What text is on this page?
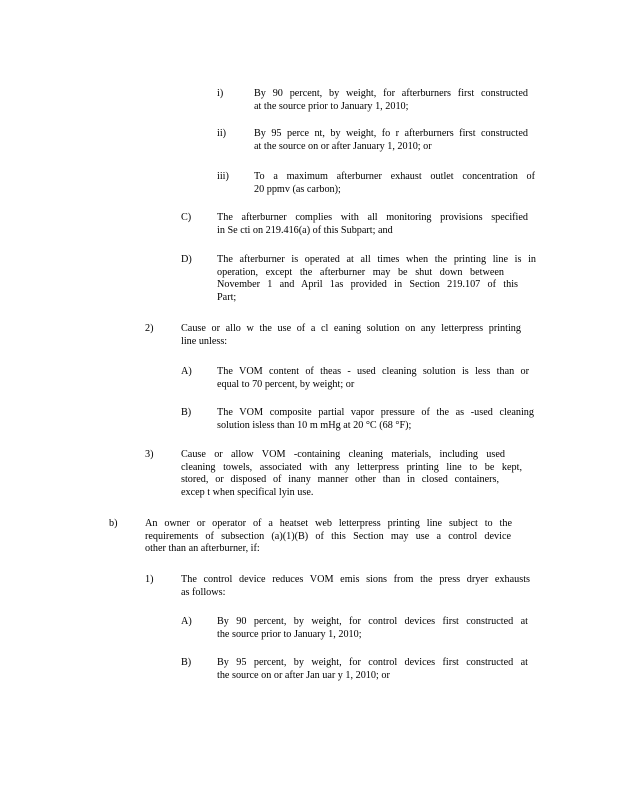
i)	By 90 percent, by weight, for afterburners first constructed
at the source prior to January 1, 2010;
ii)	By 95 perce nt, by weight, fo r afterburners first constructed
at the source on or after January 1, 2010; or
iii) To a maximum afterburner exhaust outlet concentration of
20 ppmv (as carbon);
C)	The afterburner complies with all monitoring provisions specified
in Se cti on 219.416(a) of this Subpart; and
D) The afterburner is operated at all times when the printing line is in
operation, except the afterburner may be shut down between
November 1 and April 1as provided in Section 219.107 of this
Part;
2)	Cause or allo w the use of a cl eaning solution on any letterpress printing
line unless:
A) The VOM content of theas - used cleaning solution is less than or
equal to 70 percent, by weight; or
B)	The VOM composite partial vapor pressure of the as -used cleaning
solution isless than 10 m mHg at 20 °C (68 °F);
3)	Cause or allow VOM -containing cleaning materials, including used
cleaning towels, associated with any letterpress printing line to be kept,
stored, or disposed of inany manner other than in closed containers,
excep t when specifical lyin use.
b)	An owner or operator of a heatset web letterpress printing line subject to the
requirements of subsection (a)(1)(B) of this Section may use a control device
other than an afterburner, if:
1)	The control device reduces VOM emis sions from the press dryer exhausts
as follows:
A) By 90 percent, by weight, for control devices first constructed at
the source prior to January 1, 2010;
B)	By 95 percent, by weight, for control devices first constructed at
the source on or after Jan uar y 1, 2010; or
